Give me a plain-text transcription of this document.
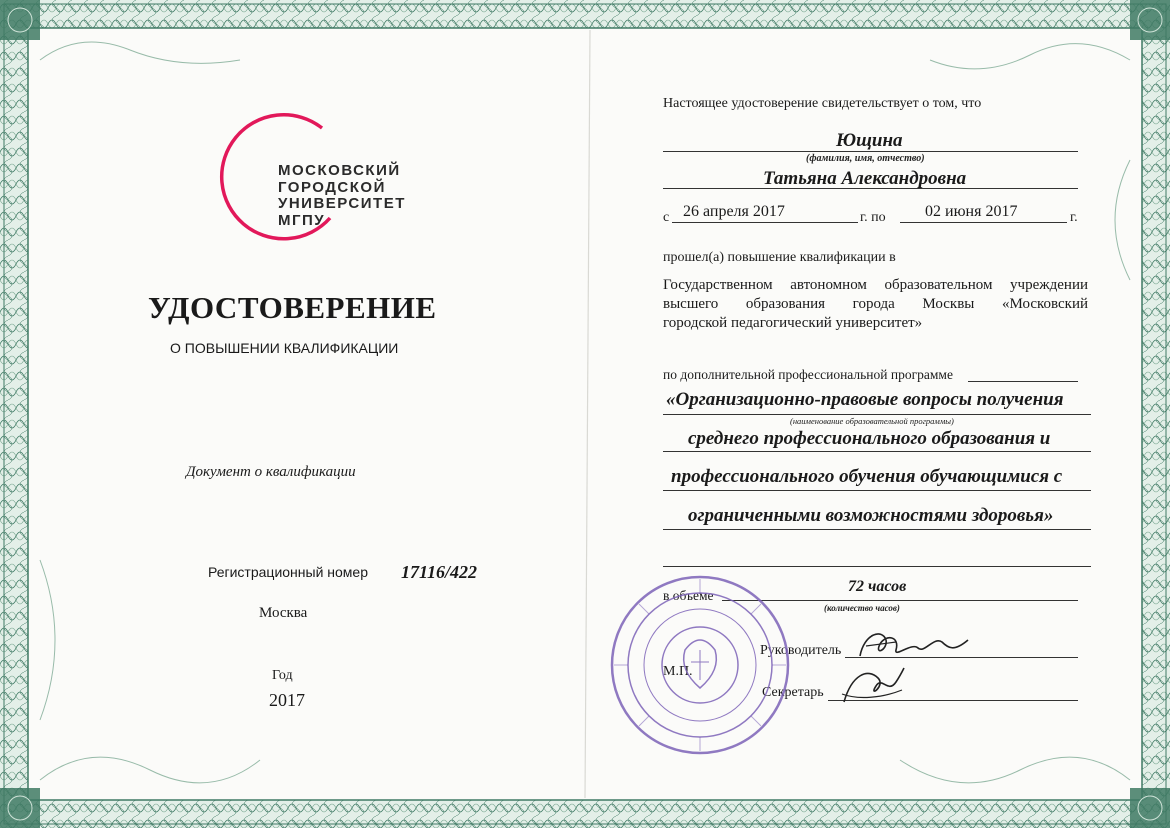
МОСКОВСКИЙ
ГОРОДСКОЙ
УНИВЕРСИТЕТ
МГПУ
УДОСТОВЕРЕНИЕ
О ПОВЫШЕНИИ КВАЛИФИКАЦИИ
Документ о квалификации
Регистрационный номер 17116/422
Москва
Год
2017
Настоящее удостоверение свидетельствует о том, что
Ющина
(фамилия, имя, отчество)
Татьяна Александровна
с 26 апреля 2017	г. по 02 июня 2017	г.
прошел(а) повышение квалификации в
Государственном автономном образовательном учреждении
высшего образования города Москвы «Московский
городской педагогический университет»
по дополнительной профессиональной программе
«Организационно-правовые вопросы получения
(наименование образовательной программы)
среднего профессионального образования и
профессионального обучения обучающимися с
ограниченными возможностями здоровья»
в объеме
72 часов
(количество часов)
М.П.
Руководитель
Секретарь
